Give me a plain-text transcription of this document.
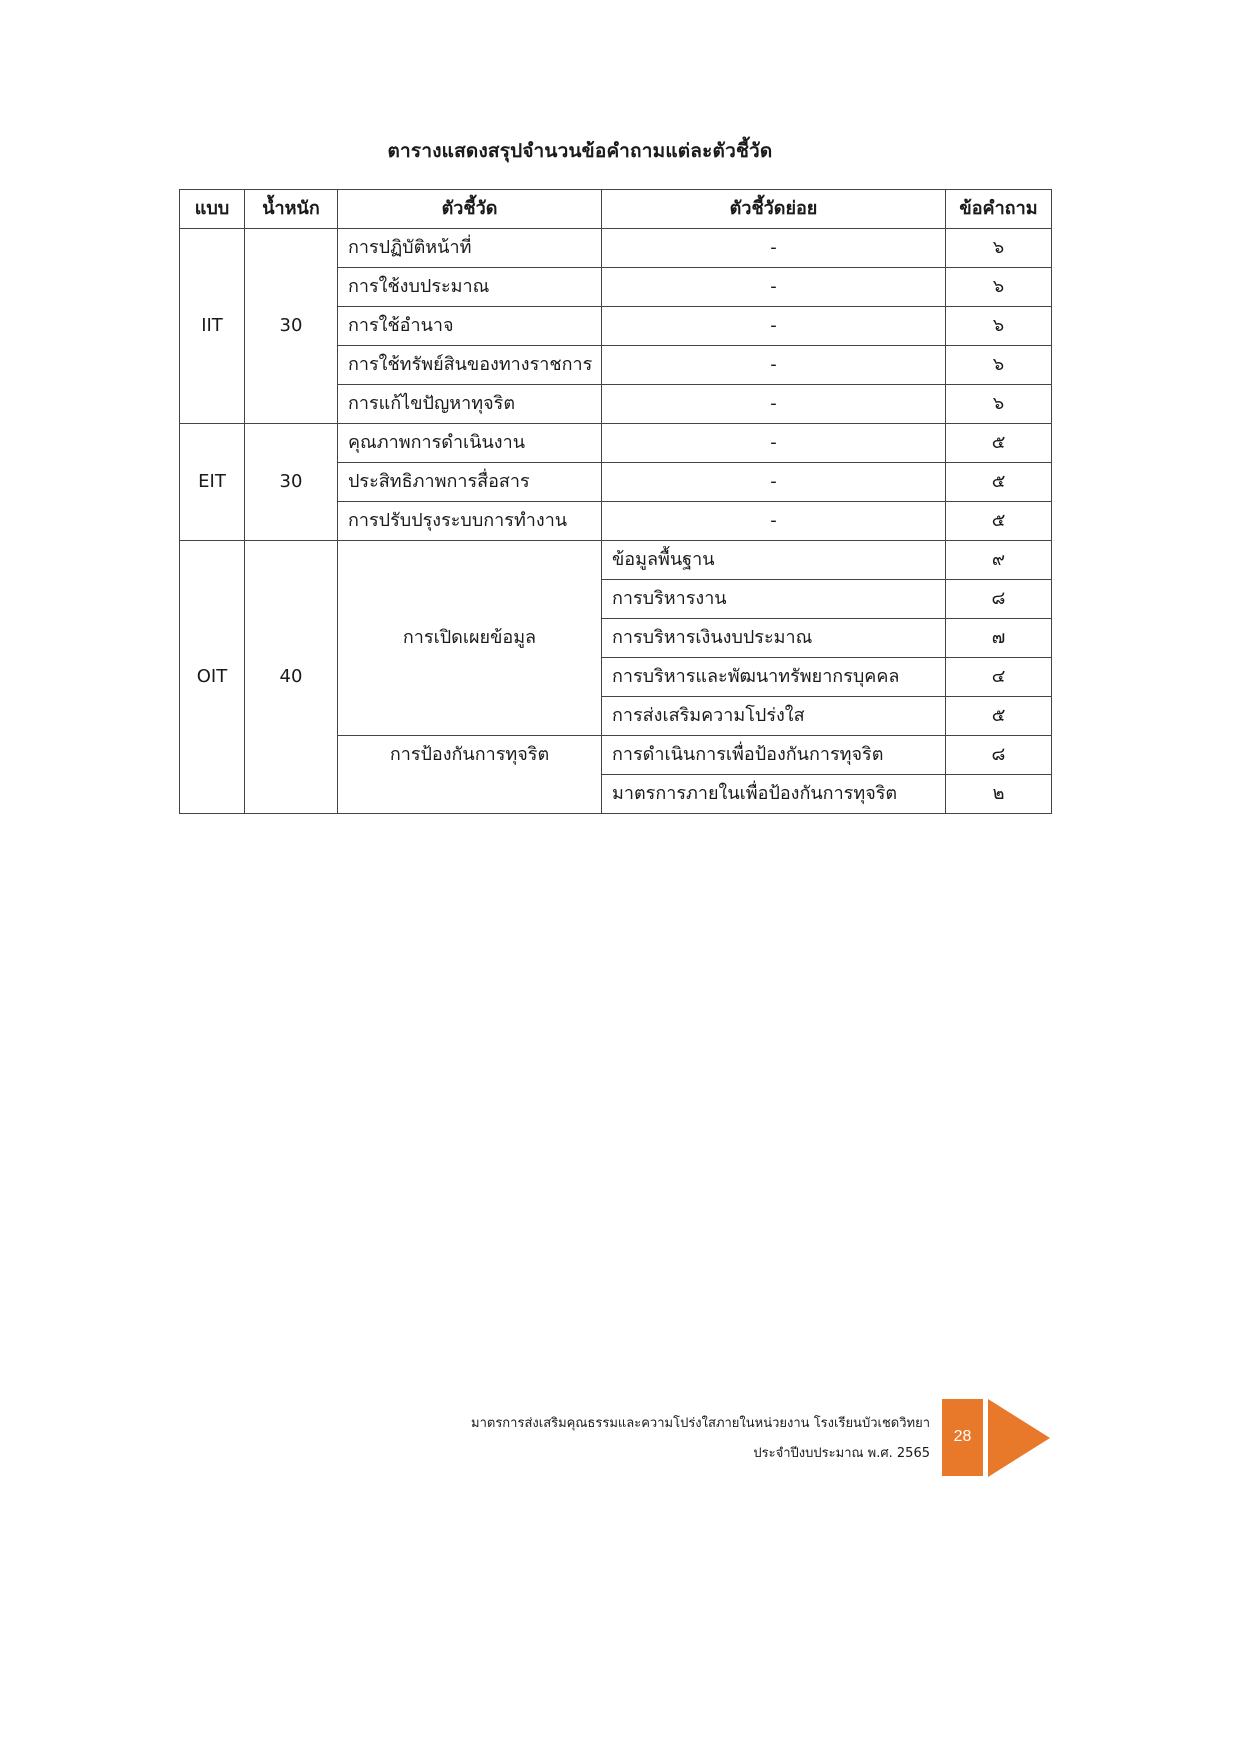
ตารางแสดงสรุปจำนวนข้อคำถามแต่ละตัวชี้วัด
แบบ	น้ำหนัก	ตัวชี้วัด	ตัวชี้วัดย่อย	ข้อคำถาม
IIT	30	การปฏิบัติหน้าที่	-	๖
		การใช้งบประมาณ	-	๖
		การใช้อำนาจ	-	๖
		การใช้ทรัพย์สินของทางราชการ	-	๖
		การแก้ไขปัญหาทุจริต	-	๖
EIT	30	คุณภาพการดำเนินงาน	-	๕
		ประสิทธิภาพการสื่อสาร	-	๕
		การปรับปรุงระบบการทำงาน	-	๕
OIT	40	การเปิดเผยข้อมูล	ข้อมูลพื้นฐาน	๙
			การบริหารงาน	๘
			การบริหารเงินงบประมาณ	๗
			การบริหารและพัฒนาทรัพยากรบุคคล	๔
			การส่งเสริมความโปร่งใส	๕
		การป้องกันการทุจริต	การดำเนินการเพื่อป้องกันการทุจริต	๘
			มาตรการภายในเพื่อป้องกันการทุจริต	๒
มาตรการส่งเสริมคุณธรรมและความโปร่งใสภายในหน่วยงาน โรงเรียนบัวเชดวิทยา
ประจำปีงบประมาณ พ.ศ. 2565
28
